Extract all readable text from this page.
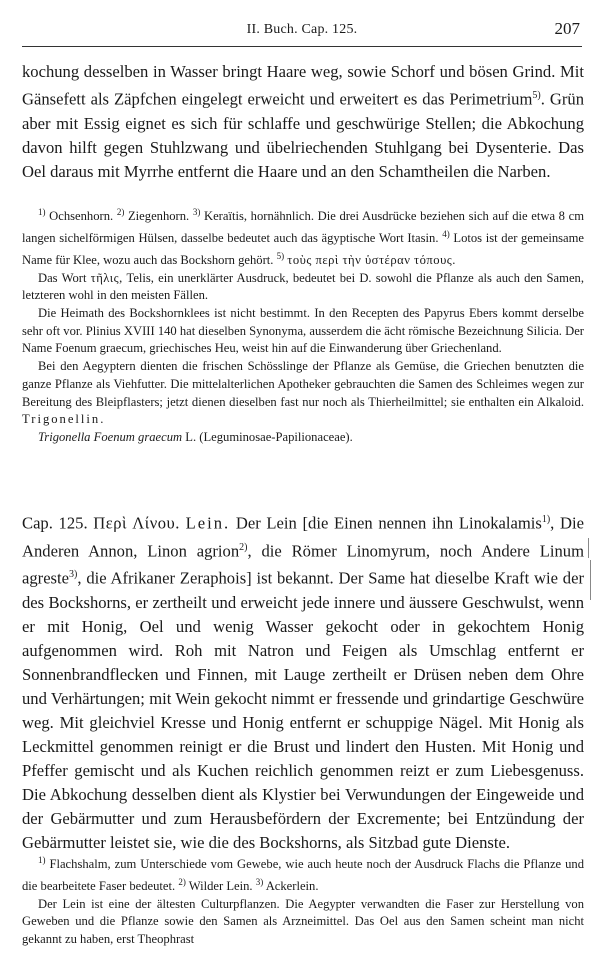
II. Buch. Cap. 125.	207

kochung desselben in Wasser bringt Haare weg, sowie Schorf und bösen Grind. Mit Gänsefett als Zäpfchen eingelegt erweicht und erweitert es das Perimetrium$^{5)}$. Grün aber mit Essig eignet es sich für schlaffe und geschwürige Stellen; die Abkochung davon hilft gegen Stuhlzwang und übelriechenden Stuhlgang bei Dysenterie. Das Oel daraus mit Myrrhe entfernt die Haare und an den Schamtheilen die Narben.

$^{1)}$ Ochsenhorn. $^{2)}$ Ziegenhorn. $^{3)}$ Keraïtis, hornähnlich. Die drei Ausdrücke beziehen sich auf die etwa 8 cm langen sichelförmigen Hülsen, dasselbe bedeutet auch das ägyptische Wort Itasin. $^{4)}$ Lotos ist der gemeinsame Name für Klee, wozu auch das Bockshorn gehört. $^{5)}$ τοὺς περὶ τὴν ὑστέραν τόπους.

Das Wort τῆλις, Telis, ein unerklärter Ausdruck, bedeutet bei D. sowohl die Pflanze als auch den Samen, letzteren wohl in den meisten Fällen.

Die Heimath des Bockshornklees ist nicht bestimmt. In den Recepten des Papyrus Ebers kommt derselbe sehr oft vor. Plinius XVIII 140 hat dieselben Synonyma, ausserdem die ächt römische Bezeichnung Silicia. Der Name Foenum graecum, griechisches Heu, weist hin auf die Einwanderung über Griechenland.

Bei den Aegyptern dienten die frischen Schösslinge der Pflanze als Gemüse, die Griechen benutzten die ganze Pflanze als Viehfutter. Die mittelalterlichen Apotheker gebrauchten die Samen des Schleimes wegen zur Bereitung des Bleipflasters; jetzt dienen dieselben fast nur noch als Thierheilmittel; sie enthalten ein Alkaloid. Trigonellin.

Trigonella Foenum graecum L. (Leguminosae-Papilionaceae).

Cap. 125. Περὶ Λίνου. Lein. Der Lein [die Einen nennen ihn Linokalamis$^{1)}$, Die Anderen Annon, Linon agrion$^{2)}$, die Römer Linomyrum, noch Andere Linum agreste$^{3)}$, die Afrikaner Zeraphois] ist bekannt. Der Same hat dieselbe Kraft wie der des Bockshorns, er zertheilt und erweicht jede innere und äussere Geschwulst, wenn er mit Honig, Oel und wenig Wasser gekocht oder in gekochtem Honig aufgenommen wird. Roh mit Natron und Feigen als Umschlag entfernt er Sonnenbrandflecken und Finnen, mit Lauge zertheilt er Drüsen neben dem Ohre und Verhärtungen; mit Wein gekocht nimmt er fressende und grindartige Geschwüre weg. Mit gleichviel Kresse und Honig entfernt er schuppige Nägel. Mit Honig als Leckmittel genommen reinigt er die Brust und lindert den Husten. Mit Honig und Pfeffer gemischt und als Kuchen reichlich genommen reizt er zum Liebesgenuss. Die Abkochung desselben dient als Klystier bei Verwundungen der Eingeweide und der Gebärmutter und zum Herausbefördern der Excremente; bei Entzündung der Gebärmutter leistet sie, wie die des Bockshorns, als Sitzbad gute Dienste.

$^{1)}$ Flachshalm, zum Unterschiede vom Gewebe, wie auch heute noch der Ausdruck Flachs die Pflanze und die bearbeitete Faser bedeutet. $^{2)}$ Wilder Lein. $^{3)}$ Ackerlein.

Der Lein ist eine der ältesten Culturpflanzen. Die Aegypter verwandten die Faser zur Herstellung von Geweben und die Pflanze sowie den Samen als Arzneimittel. Das Oel aus den Samen scheint man nicht gekannt zu haben, erst Theophrast
